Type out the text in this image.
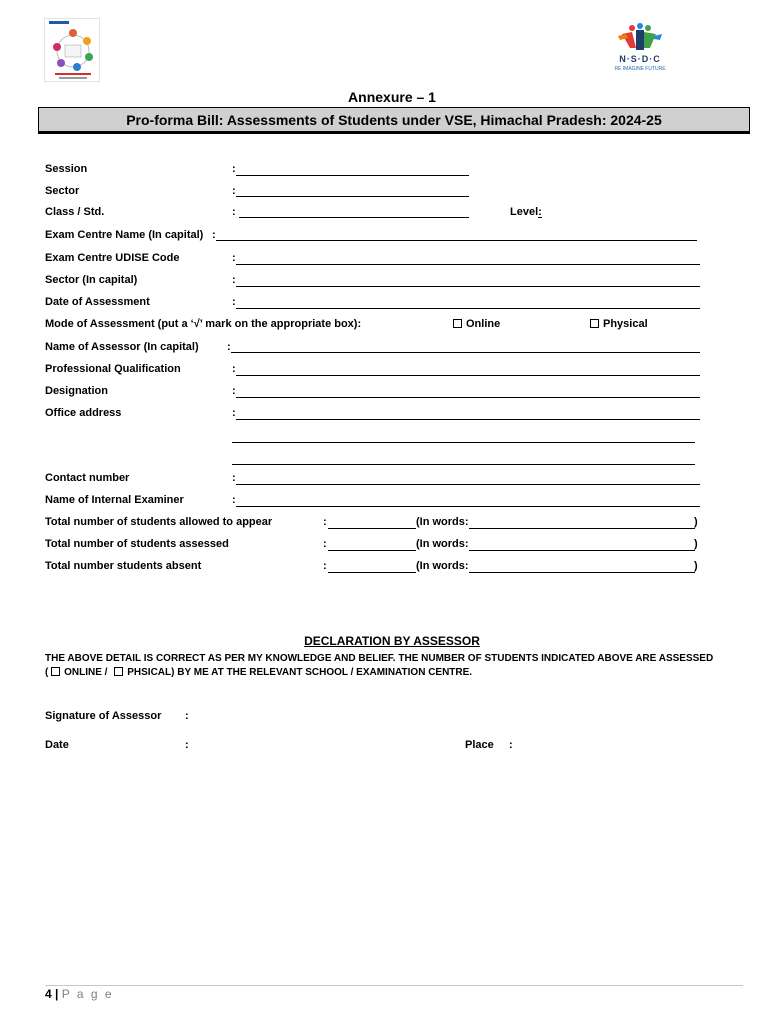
N·S·D·C
RE IMAGINE FUTURE
Annexure – 1
Pro-forma Bill: Assessments of Students under VSE, Himachal Pradesh: 2024-25
Session	:
Sector	:
Class / Std.	:	Level:
Exam Centre Name (In capital) :
Exam Centre UDISE Code	:
Sector (In capital)	:
Date of Assessment	:
Mode of Assessment (put a ‘√’ mark on the appropriate box):	Online	Physical
Name of Assessor (In capital)	:
Professional Qualification	:
Designation	:
Office address	:
Contact number	:
Name of Internal Examiner	:
Total number of students allowed to appear	:	(In words:	)
Total number of students assessed	:	(In words:	)
Total number students absent	:	(In words:	)
DECLARATION BY ASSESSOR
THE ABOVE DETAIL IS CORRECT AS PER MY KNOWLEDGE AND BELIEF. THE NUMBER OF STUDENTS INDICATED ABOVE ARE ASSESSED
( ONLINE / PHSICAL) BY ME AT THE RELEVANT SCHOOL / EXAMINATION CENTRE.
Signature of Assessor :
Date	:	Place :
4 | P a g e
